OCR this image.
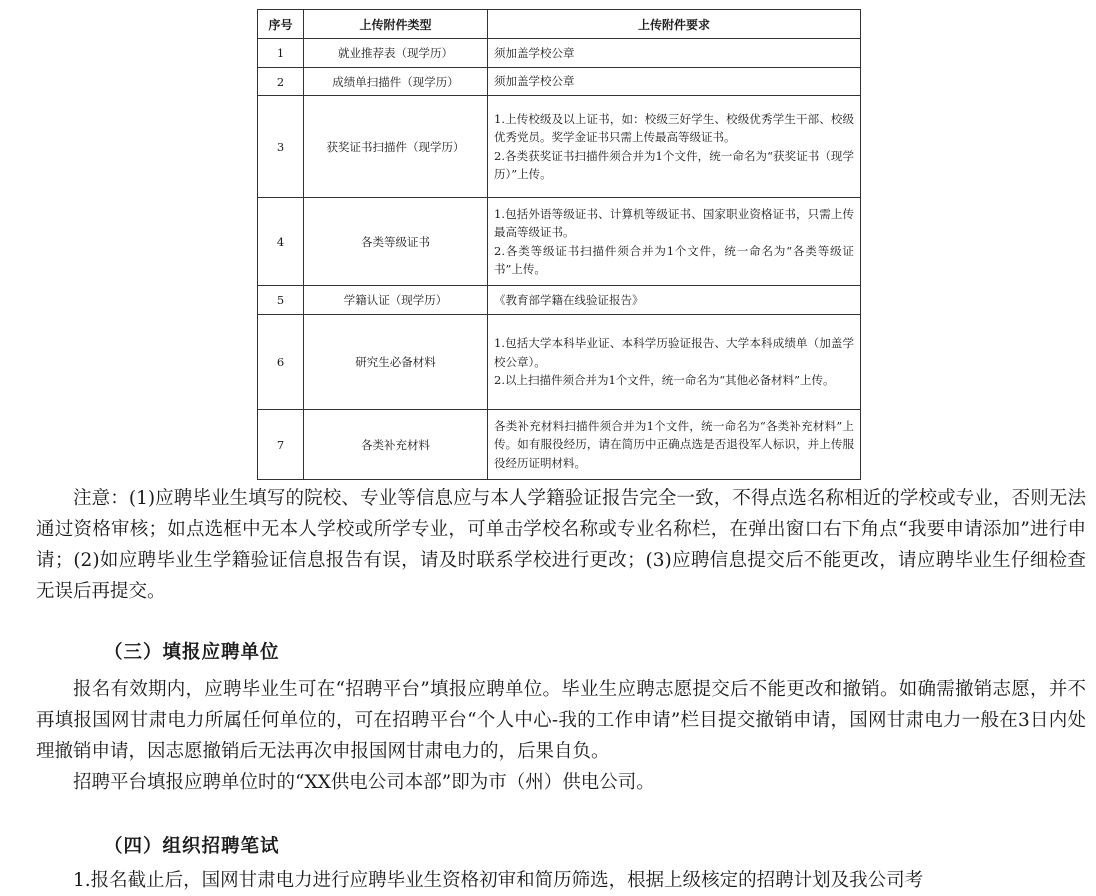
序号	上传附件类型	上传附件要求
1	就业推荐表（现学历）	须加盖学校公章

2	成绩单扫描件（现学历）	须加盖学校公章

3	获奖证书扫描件（现学历）	1.上传校级及以上证书，如：校级三好学生、校级优秀学生干部、校级优秀党员。奖学金证书只需上传最高等级证书。
2.各类获奖证书扫描件须合并为1个文件，统一命名为“获奖证书（现学历）”上传。

4	各类等级证书	1.包括外语等级证书、计算机等级证书、国家职业资格证书，只需上传最高等级证书。
2.各类等级证书扫描件须合并为1个文件，统一命名为“各类等级证书”上传。

5	学籍认证（现学历）	《教育部学籍在线验证报告》

6	研究生必备材料	1.包括大学本科毕业证、本科学历验证报告、大学本科成绩单（加盖学校公章）。
2.以上扫描件须合并为1个文件，统一命名为“其他必备材料”上传。

7	各类补充材料	各类补充材料扫描件须合并为1个文件，统一命名为“各类补充材料”上传。如有服役经历，请在简历中正确点选是否退役军人标识，并上传服役经历证明材料。

注意：(1)应聘毕业生填写的院校、专业等信息应与本人学籍验证报告完全一致，不得点选名称相近的学校或专业，否则无法通过资格审核；如点选框中无本人学校或所学专业，可单击学校名称或专业名称栏，在弹出窗口右下角点“我要申请添加”进行申请；(2)如应聘毕业生学籍验证信息报告有误，请及时联系学校进行更改；(3)应聘信息提交后不能更改，请应聘毕业生仔细检查无误后再提交。

（三）填报应聘单位

报名有效期内，应聘毕业生可在“招聘平台”填报应聘单位。毕业生应聘志愿提交后不能更改和撤销。如确需撤销志愿，并不再填报国网甘肃电力所属任何单位的，可在招聘平台“个人中心-我的工作申请”栏目提交撤销申请，国网甘肃电力一般在3日内处理撤销申请，因志愿撤销后无法再次申报国网甘肃电力的，后果自负。

招聘平台填报应聘单位时的“XX供电公司本部”即为市（州）供电公司。

（四）组织招聘笔试

1.报名截止后，国网甘肃电力进行应聘毕业生资格初审和简历筛选，根据上级核定的招聘计划及我公司考
